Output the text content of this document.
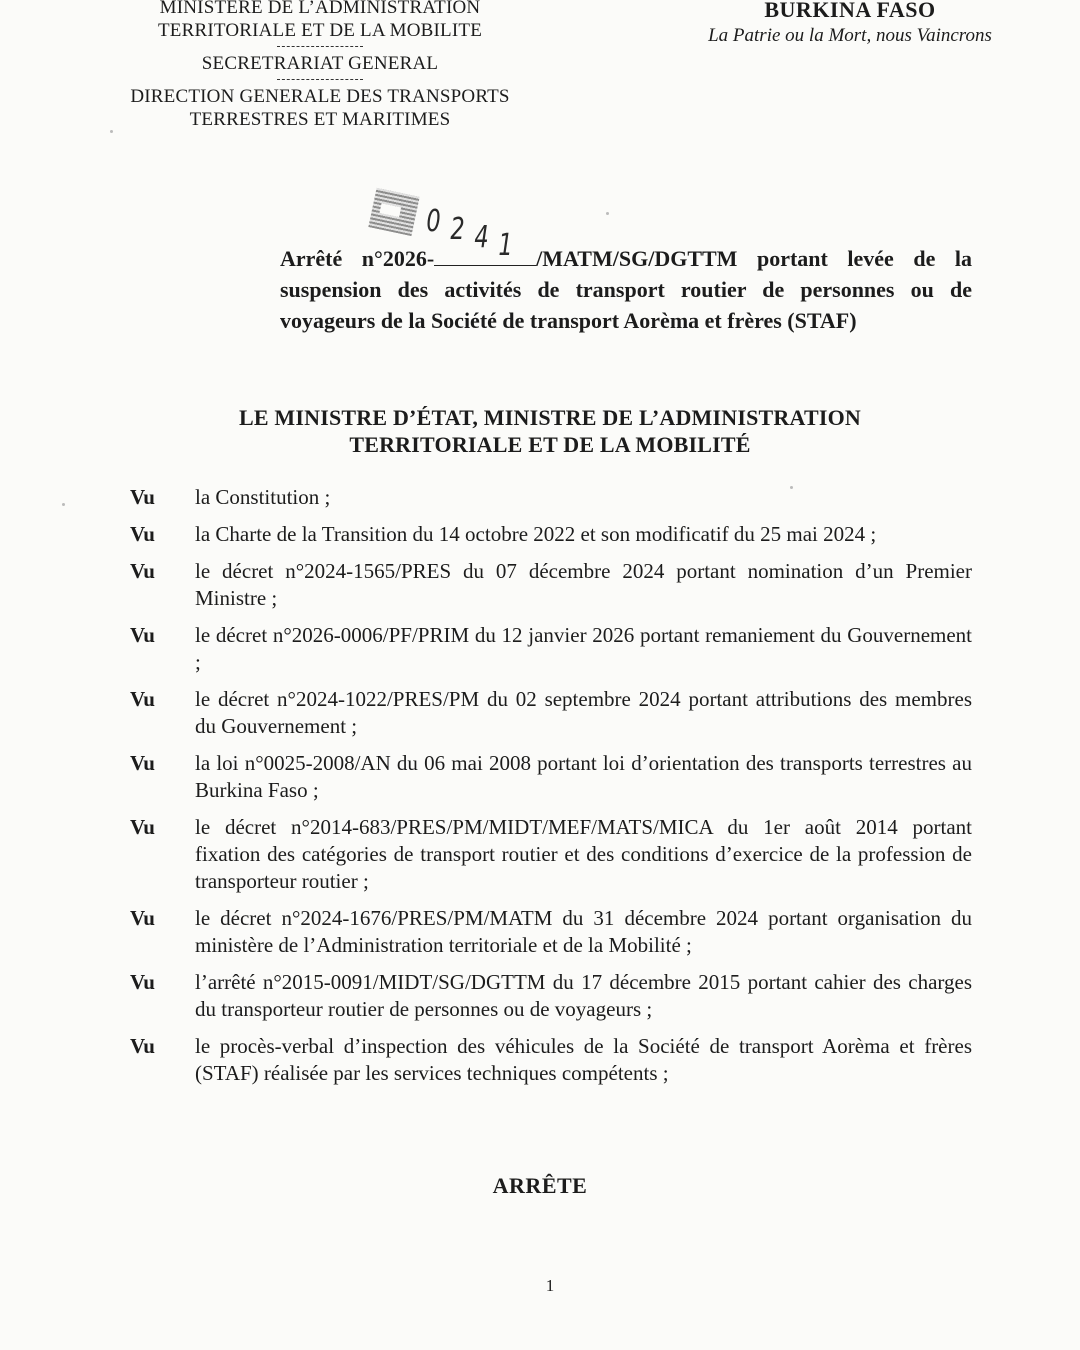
MINISTERE DE L’ADMINISTRATION
TERRITORIALE ET DE LA MOBILITE
SECRETRARIAT GENERAL
DIRECTION GENERALE DES TRANSPORTS
TERRESTRES ET MARITIMES
BURKINA FASO
La Patrie ou la Mort, nous Vaincrons
0 2 4 1
Arrêté n°2026-	/MATM/SG/DGTTM portant levée de la suspension des activités de transport routier de personnes ou de voyageurs de la Société de transport Aorèma et frères (STAF)
LE MINISTRE D’ÉTAT, MINISTRE DE L’ADMINISTRATION
TERRITORIALE ET DE LA MOBILITÉ
Vu	la Constitution ;
Vu	la Charte de la Transition du 14 octobre 2022 et son modificatif du 25 mai 2024 ;
Vu	le décret n°2024-1565/PRES du 07 décembre 2024 portant nomination d’un Premier Ministre ;
Vu	le décret n°2026-0006/PF/PRIM du 12 janvier 2026 portant remaniement du Gouvernement ;
Vu	le décret n°2024-1022/PRES/PM du 02 septembre 2024 portant attributions des membres du Gouvernement ;
Vu	la loi n°0025-2008/AN du 06 mai 2008 portant loi d’orientation des transports terrestres au Burkina Faso ;
Vu	le décret n°2014-683/PRES/PM/MIDT/MEF/MATS/MICA du 1er août 2014 portant fixation des catégories de transport routier et des conditions d’exercice de la profession de transporteur routier ;
Vu	le décret n°2024-1676/PRES/PM/MATM du 31 décembre 2024 portant organisation du ministère de l’Administration territoriale et de la Mobilité ;
Vu	l’arrêté n°2015-0091/MIDT/SG/DGTTM du 17 décembre 2015 portant cahier des charges du transporteur routier de personnes ou de voyageurs ;
Vu	le procès-verbal d’inspection des véhicules de la Société de transport Aorèma et frères (STAF) réalisée par les services techniques compétents ;
ARRÊTE
1
